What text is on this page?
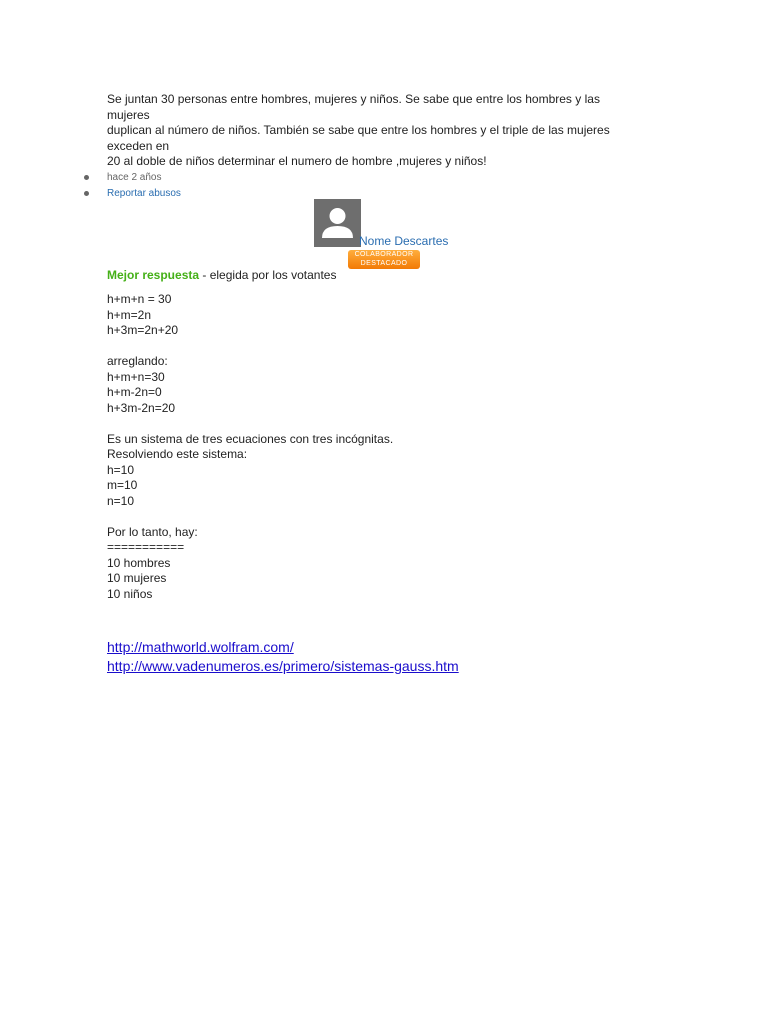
Se juntan 30 personas entre hombres, mujeres y niños. Se sabe que entre los hombres y las
mujeres
duplican al número de niños. También se sabe que entre los hombres y el triple de las mujeres
exceden en
20 al doble de niños determinar el numero de hombre ,mujeres y niños!
hace 2 años
Reportar abusos
Nome Descartes
COLABORADOR
DESTACADO
Mejor respuesta - elegida por los votantes
h+m+n = 30
h+m=2n
h+3m=2n+20
arreglando:
h+m+n=30
h+m-2n=0
h+3m-2n=20
Es un sistema de tres ecuaciones con tres incógnitas.
Resolviendo este sistema:
h=10
m=10
n=10
Por lo tanto, hay:
===========
10 hombres
10 mujeres
10 niños
http://mathworld.wolfram.com/
http://www.vadenumeros.es/primero/sistemas-gauss.htm
